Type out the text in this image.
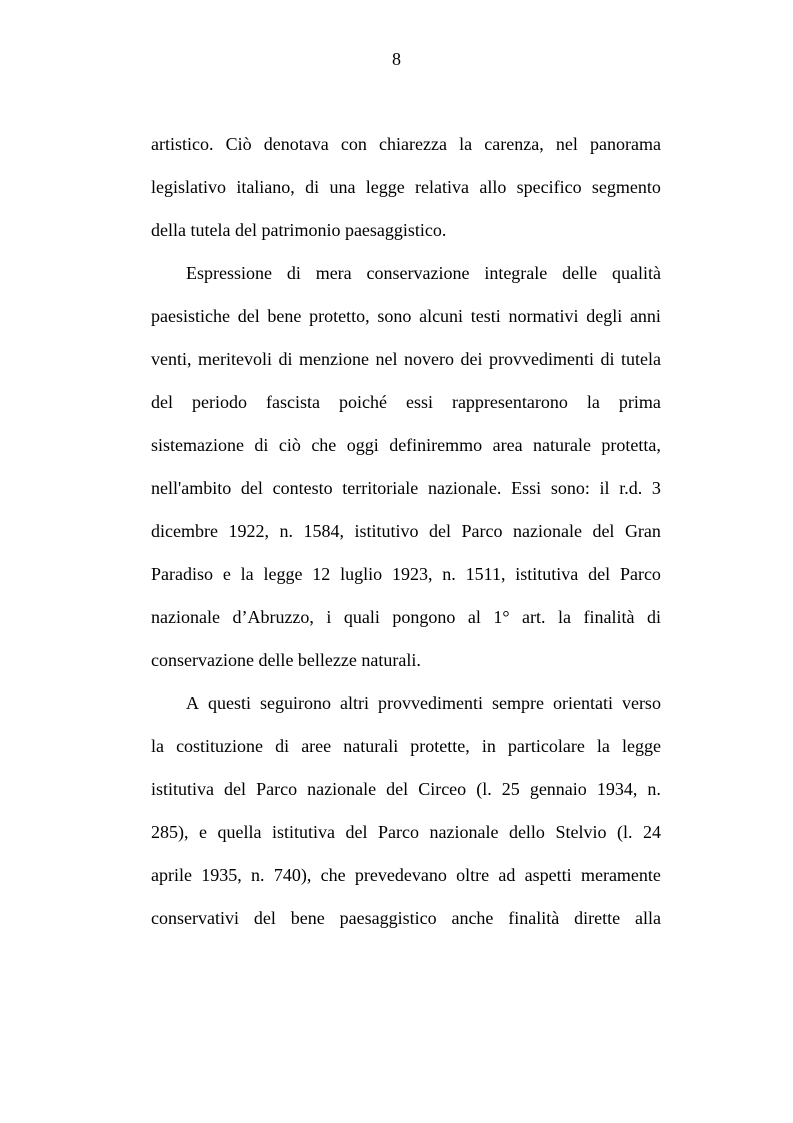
8
artistico. Ciò denotava con chiarezza la carenza, nel panorama
legislativo italiano, di una legge relativa allo specifico segmento
della tutela del patrimonio paesaggistico.
Espressione di mera conservazione integrale delle qualità
paesistiche del bene protetto, sono alcuni testi normativi degli anni
venti, meritevoli di menzione nel novero dei provvedimenti di tutela
del periodo fascista poiché essi rappresentarono la prima
sistemazione di ciò che oggi definiremmo area naturale protetta,
nell'ambito del contesto territoriale nazionale. Essi sono: il r.d. 3
dicembre 1922, n. 1584, istitutivo del Parco nazionale del Gran
Paradiso e la legge 12 luglio 1923, n. 1511, istitutiva del Parco
nazionale d’Abruzzo, i quali pongono al 1° art. la finalità di
conservazione delle bellezze naturali.
A questi seguirono altri provvedimenti sempre orientati verso
la costituzione di aree naturali protette, in particolare la legge
istitutiva del Parco nazionale del Circeo (l. 25 gennaio 1934, n.
285), e quella istitutiva del Parco nazionale dello Stelvio (l. 24
aprile 1935, n. 740), che prevedevano oltre ad aspetti meramente
conservativi del bene paesaggistico anche finalità dirette alla
